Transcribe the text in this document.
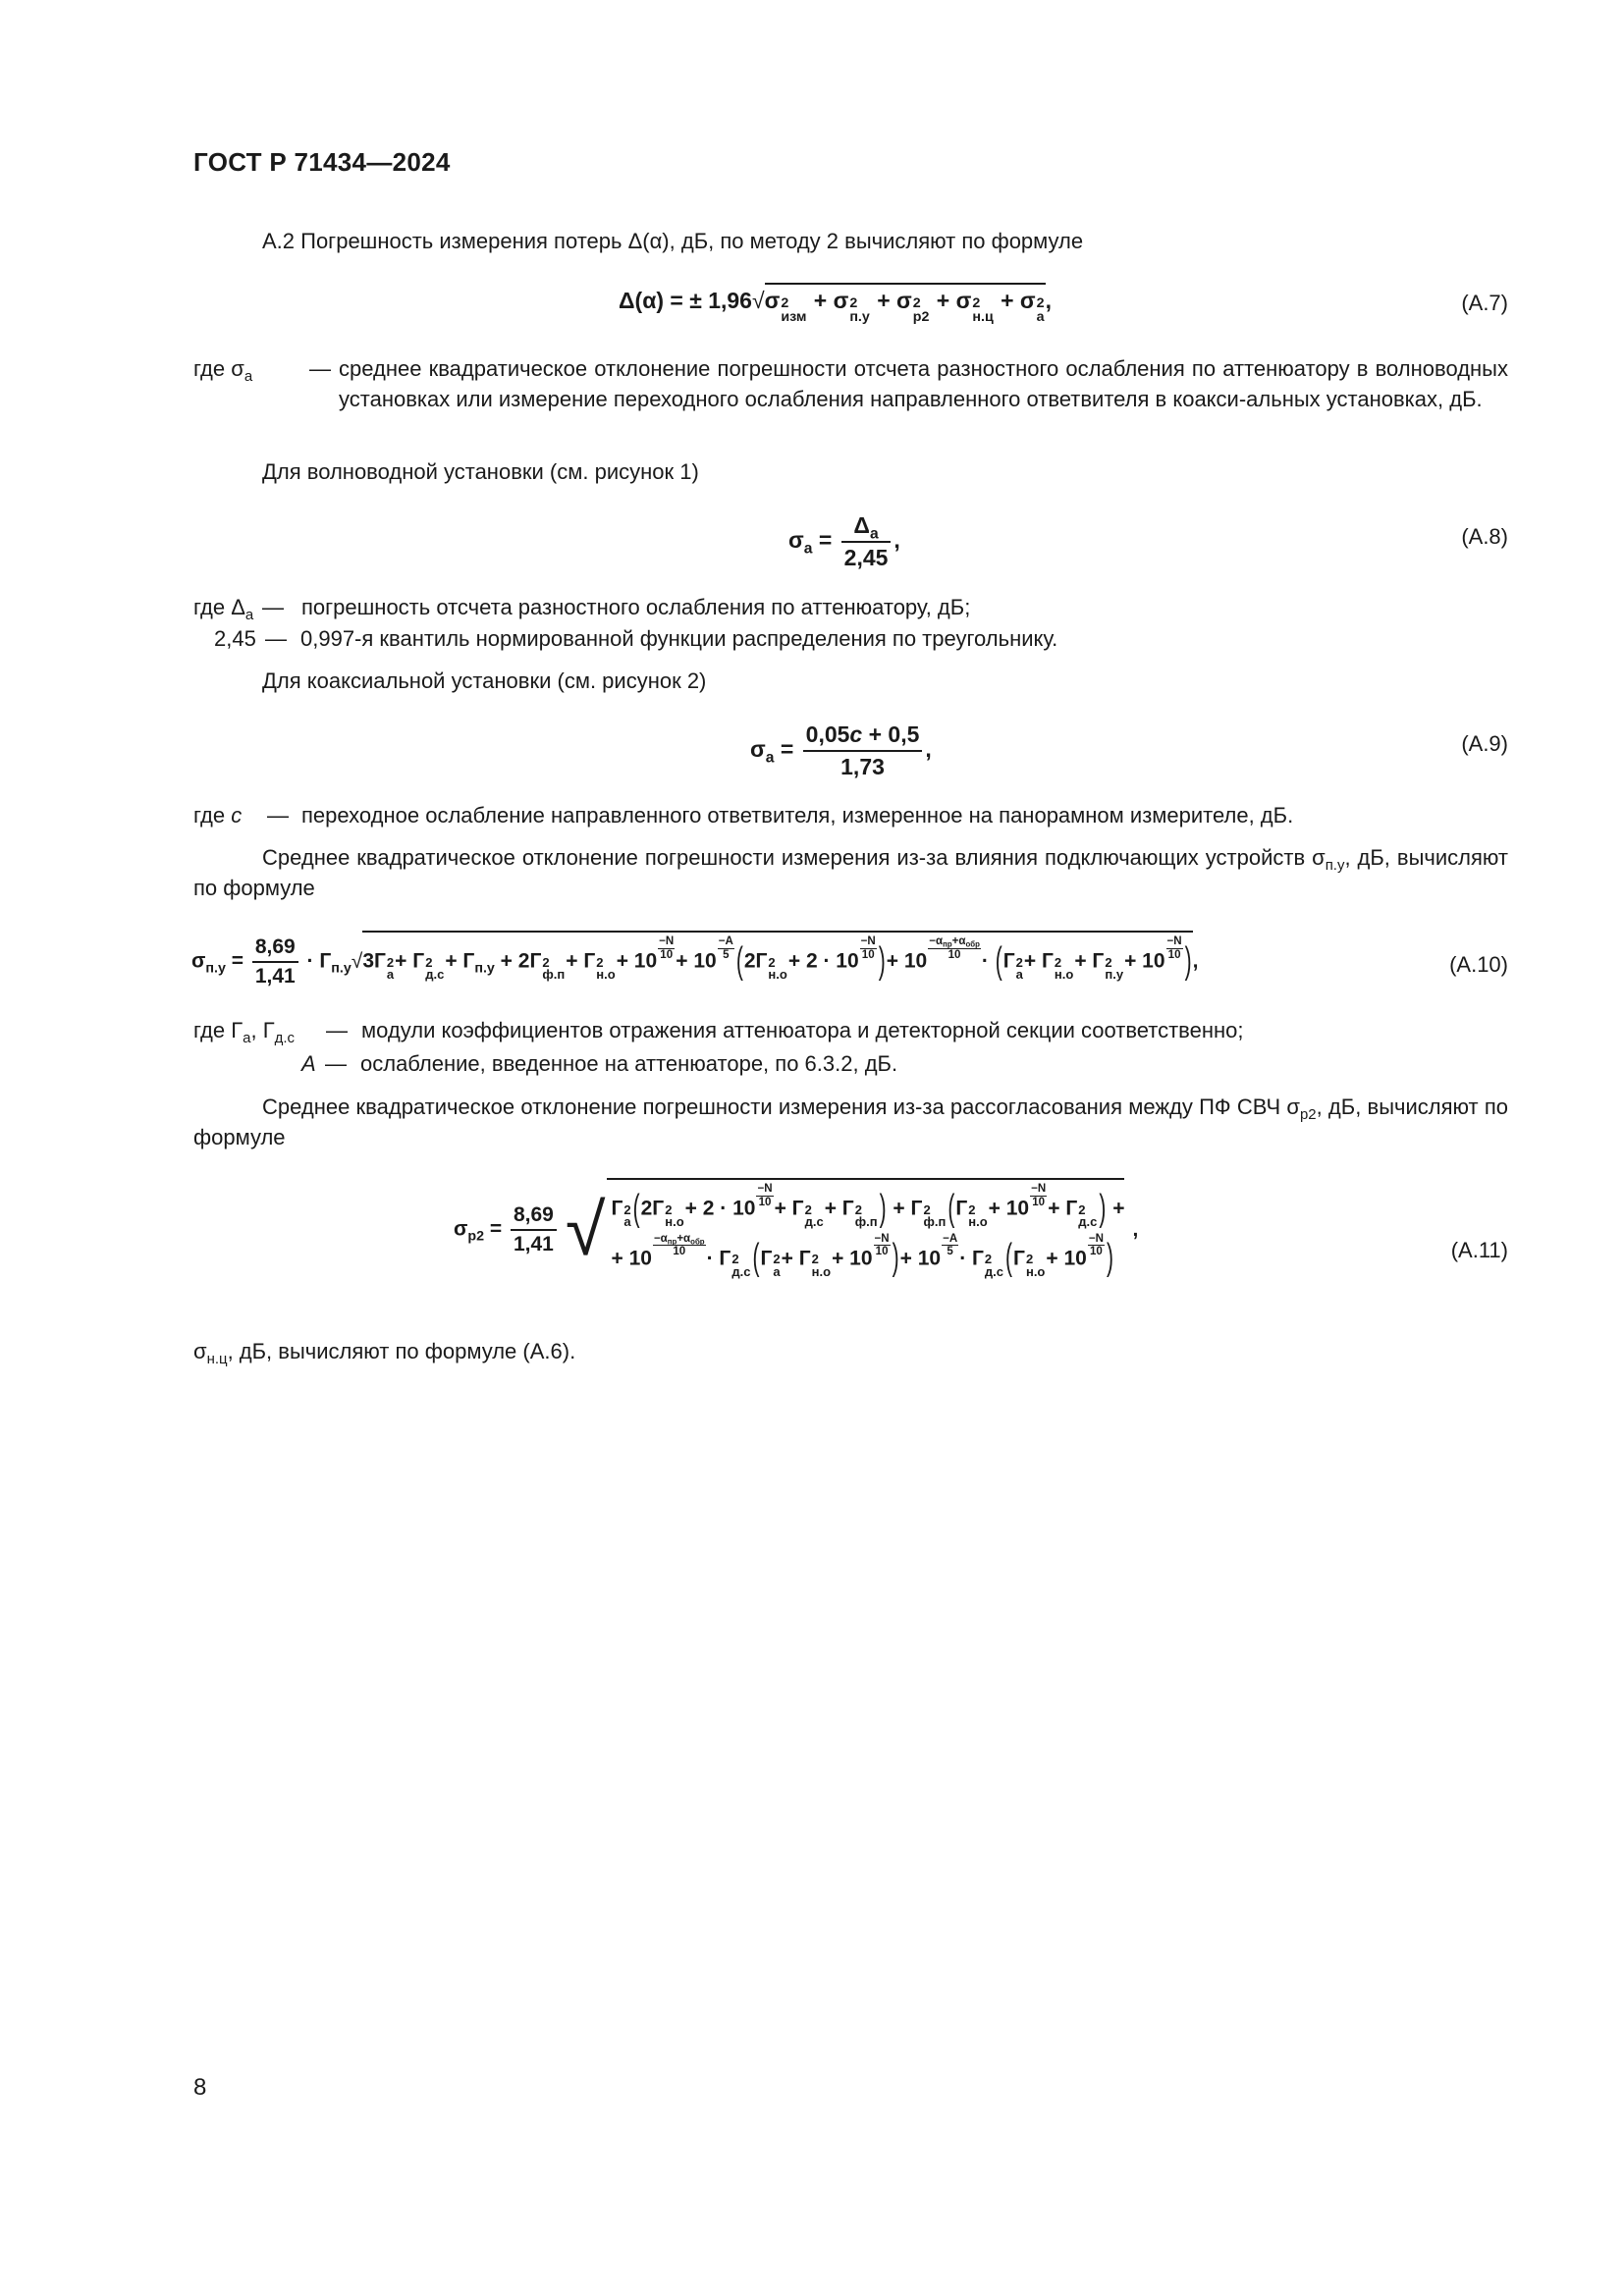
ГОСТ Р 71434—2024
А.2 Погрешность измерения потерь Δ(α), дБ, по методу 2 вычисляют по формуле
Δ(α) = ± 1,96√σ 2
изм
+ σ 2
п.у
+ σ 2
р2
+ σ 2
н.ц
+ σ 2
а
,	(А.7)
где $\sigma_а$	— среднее квадратическое отклонение погрешности отсчета разностного ослабления по аттенюатору в волноводных установках или измерение переходного ослабления направленного ответвителя в коакси-альных установках, дБ.
Для волноводной установки (см. рисунок 1)
$\sigma_а = \frac{\Delta_а}{2,45}$ ,	(А.8)
где $\Delta_а$ — погрешность отсчета разностного ослабления по аттенюатору, дБ;
2,45 — 0,997-я квантиль нормированной функции распределения по треугольнику.
Для коаксиальной установки (см. рисунок 2)
$\sigma_а = \frac{0,05c + 0,5}{1,73}$ ,	(А.9)
где c	— переходное ослабление направленного ответвителя, измеренное на панорамном измерителе, дБ.
Среднее квадратическое отклонение погрешности измерения из-за влияния подключающих устройств $\sigma_{п.у}$, дБ, вычисляют по формуле
$\sigma_{п.у} = \frac{8,69}{1,41} \cdot Г_{п.у}√3Г$ 2
а
+ Г 2
д.с
+ $Г_{п.у} + 2Г$ 2
ф.п
+ Г 2
н.о
+ $10 \frac{-N}{10} + 10 \frac{-A}{5} (2Г$ 2
н.о
+ $2 \cdot 10 \frac{-N}{10}$ )+ 10
$-\alpha_{пр}+\alpha_{обр}$
10	· (Г 2
а
+ Г 2
н.о
+ Г 2
п.у
+ $10 \frac{-N}{10}$ ),	(А.10)
где $Г_а$, $Г_{д.с}$	— модули коэффициентов отражения аттенюатора и детекторной секции соответственно;
A — ослабление, введенное на аттенюаторе, по 6.3.2, дБ.
Среднее квадратическое отклонение погрешности измерения из-за рассогласования между ПФ СВЧ $\sigma_{р2}$, дБ, вычисляют по формуле
$\sigma_{р2} = \frac{8,69}{1,41}$ √ Г 2
а (2Г 2
н.о
+ $2 \cdot 10 \frac{-N}{10} + Г$ 2
д.с
+ Г 2
ф.п ) + Г 2
ф.п (Г 2
н.о
+ $10 \frac{-N}{10} + Г$ 2
д.с ) +
+ 10
$-\alpha_{пр}+\alpha_{обр}$
10	· Г 2
д.с (Г 2
а
+ Г 2
н.о
+ $10 \frac{-N}{10}$ )+ $10 \frac{-A}{5} \cdot Г$ 2
д.с (Г 2
н.о
+ $10 \frac{-N}{10}$ )
,
(А.11)
$\sigma_{н.ц}$, дБ, вычисляют по формуле (А.6).
8
